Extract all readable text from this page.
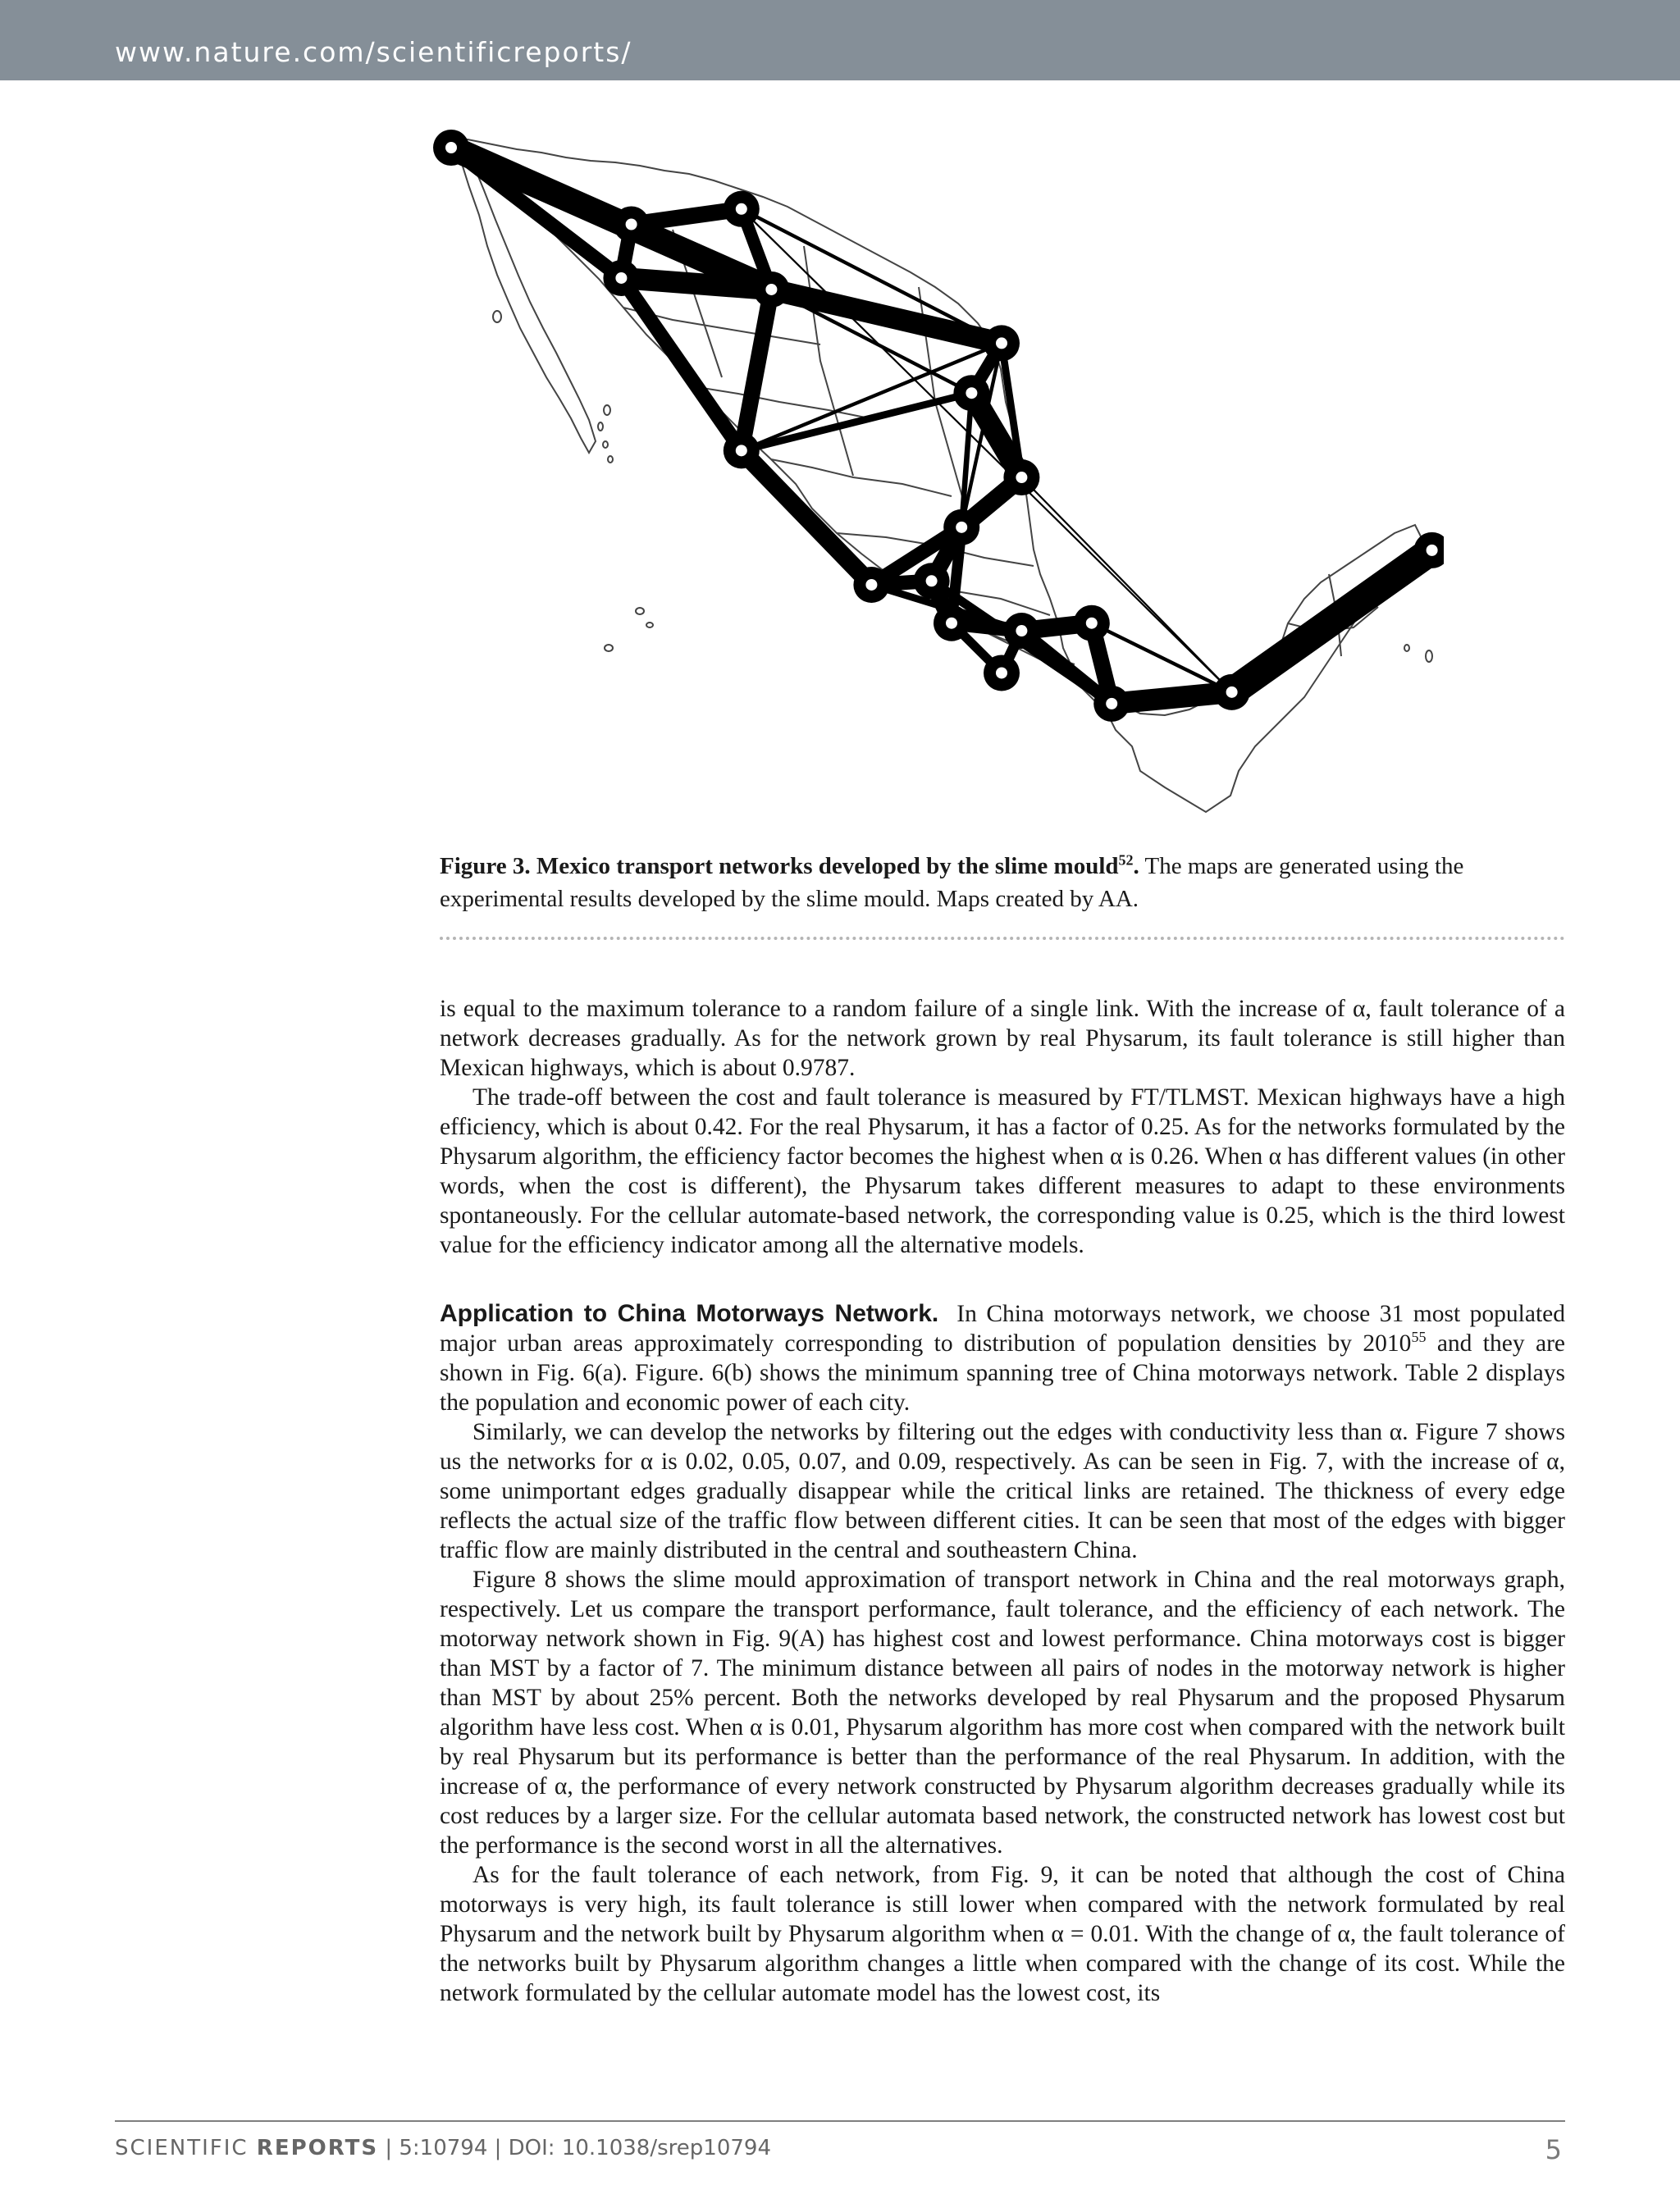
www.nature.com/scientificreports/
Figure 3. Mexico transport networks developed by the slime mould$^{52}$. The maps are generated using the experimental results developed by the slime mould. Maps created by AA.

is equal to the maximum tolerance to a random failure of a single link. With the increase of α, fault tolerance of a network decreases gradually. As for the network grown by real Physarum, its fault tolerance is still higher than Mexican highways, which is about 0.9787.

The trade-off between the cost and fault tolerance is measured by FT/TLMST. Mexican highways have a high efficiency, which is about 0.42. For the real Physarum, it has a factor of 0.25. As for the networks formulated by the Physarum algorithm, the efficiency factor becomes the highest when α is 0.26. When α has different values (in other words, when the cost is different), the Physarum takes different measures to adapt to these environments spontaneously. For the cellular automate-based network, the corresponding value is 0.25, which is the third lowest value for the efficiency indicator among all the alternative models.

Application to China Motorways Network. In China motorways network, we choose 31 most populated major urban areas approximately corresponding to distribution of population densities by 2010$^{55}$ and they are shown in Fig. 6(a). Figure. 6(b) shows the minimum spanning tree of China motorways network. Table 2 displays the population and economic power of each city.

Similarly, we can develop the networks by filtering out the edges with conductivity less than α. Figure 7 shows us the networks for α is 0.02, 0.05, 0.07, and 0.09, respectively. As can be seen in Fig. 7, with the increase of α, some unimportant edges gradually disappear while the critical links are retained. The thickness of every edge reflects the actual size of the traffic flow between different cities. It can be seen that most of the edges with bigger traffic flow are mainly distributed in the central and southeastern China.

Figure 8 shows the slime mould approximation of transport network in China and the real motorways graph, respectively. Let us compare the transport performance, fault tolerance, and the efficiency of each network. The motorway network shown in Fig. 9(A) has highest cost and lowest performance. China motorways cost is bigger than MST by a factor of 7. The minimum distance between all pairs of nodes in the motorway network is higher than MST by about 25% percent. Both the networks developed by real Physarum and the proposed Physarum algorithm have less cost. When α is 0.01, Physarum algorithm has more cost when compared with the network built by real Physarum but its performance is better than the performance of the real Physarum. In addition, with the increase of α, the performance of every network constructed by Physarum algorithm decreases gradually while its cost reduces by a larger size. For the cellular automata based network, the constructed network has lowest cost but the performance is the second worst in all the alternatives.

As for the fault tolerance of each network, from Fig. 9, it can be noted that although the cost of China motorways is very high, its fault tolerance is still lower when compared with the network formulated by real Physarum and the network built by Physarum algorithm when α = 0.01. With the change of α, the fault tolerance of the networks built by Physarum algorithm changes a little when compared with the change of its cost. While the network formulated by the cellular automate model has the lowest cost, its

SCIENTIFIC REPORTS | 5:10794 | DOI: 10.1038/srep10794	5
